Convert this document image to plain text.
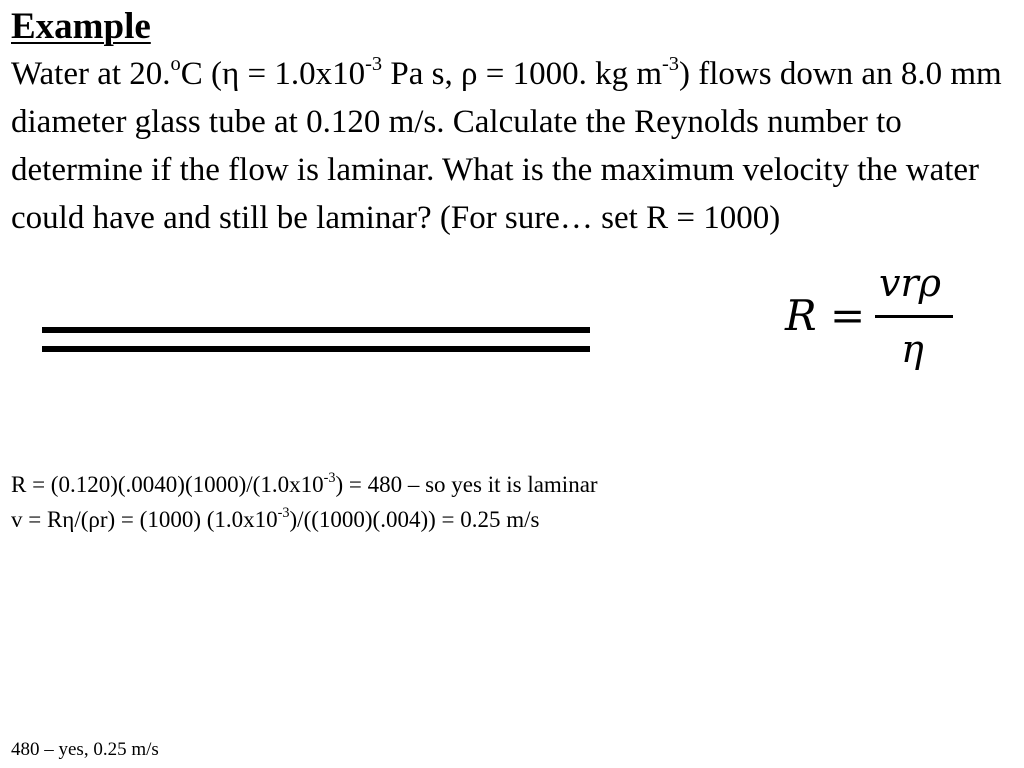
Example
Water at 20.$^o$C ($\eta = 1.0x10^{-3}$ Pa s, ρ = 1000. kg $m^{-3}$) flows down an 8.0 mm diameter glass tube at 0.120 m/s. Calculate the Reynolds number to determine if the flow is laminar. What is the maximum velocity the water could have and still be laminar? (For sure… set R = 1000)
R =
vrρ
η
$R = (0.120)(.0040)(1000)/(1.0x10^{-3}) = 480$ – so yes it is laminar
v = Rη/(ρr) = (1000) $(1.0x10^{-3})/((1000)(.004)) = 0.25$ m/s
480 – yes, 0.25 m/s
